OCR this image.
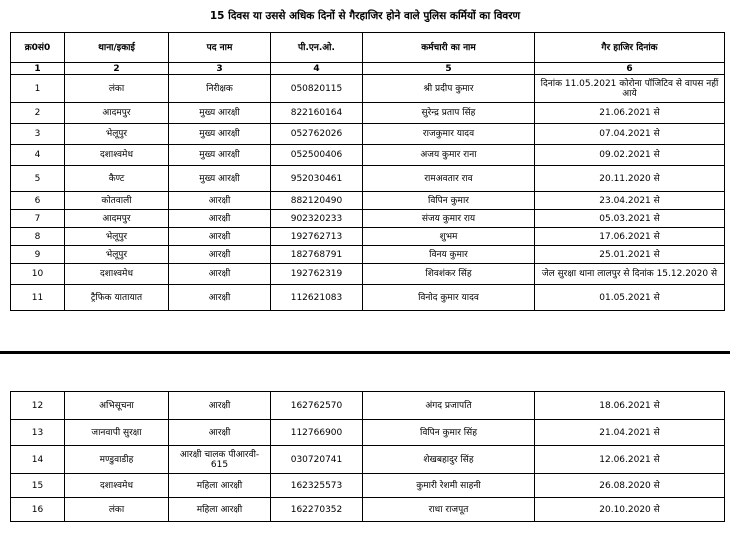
15 दिवस या उससे अधिक दिनों से गैरहाजिर होने वाले पुलिस कर्मियों का विवरण
क्र0सं0	थाना/इकाई	पद नाम	पी.एन.ओ.	कर्मचारी का नाम	गैर हाजिर दिनांक
1	2	3	4	5	6
1	लंका	निरीक्षक	050820115	श्री प्रदीप कुमार	दिनांक 11.05.2021 कोरोना पॉजिटिव से वापस नहीं आये
2	आदमपुर	मुख्य आरक्षी	822160164	सुरेन्द्र प्रताप सिंह	21.06.2021 से
3	भेलूपुर	मुख्य आरक्षी	052762026	राजकुमार यादव	07.04.2021 से
4	दशाश्वमेध	मुख्य आरक्षी	052500406	अजय कुमार राना	09.02.2021 से
5	कैण्ट	मुख्य आरक्षी	952030461	रामअवतार राव	20.11.2020 से
6	कोतवाली	आरक्षी	882120490	विपिन कुमार	23.04.2021 से
7	आदमपुर	आरक्षी	902320233	संजय कुमार राय	05.03.2021 से
8	भेलूपुर	आरक्षी	192762713	शुभम	17.06.2021 से
9	भेलूपुर	आरक्षी	182768791	विनय कुमार	25.01.2021 से
10	दशाश्वमेध	आरक्षी	192762319	शिवशंकर सिंह	जेल सुरक्षा थाना लालपुर से दिनांक 15.12.2020 से
11	ट्रैफिक यातायात	आरक्षी	112621083	विनोद कुमार यादव	01.05.2021 से
12	अभिसूचना	आरक्षी	162762570	अंगद प्रजापति	18.06.2021 से
13	जानवापी सुरक्षा	आरक्षी	112766900	विपिन कुमार सिंह	21.04.2021 से
14	मण्डुवाडीह	आरक्षी चालक पीआरवी- 615	030720741	शेखबहादुर सिंह	12.06.2021 से
15	दशाश्वमेध	महिला आरक्षी	162325573	कुमारी रेशमी साहनी	26.08.2020 से
16	लंका	महिला आरक्षी	162270352	राधा राजपूत	20.10.2020 से
